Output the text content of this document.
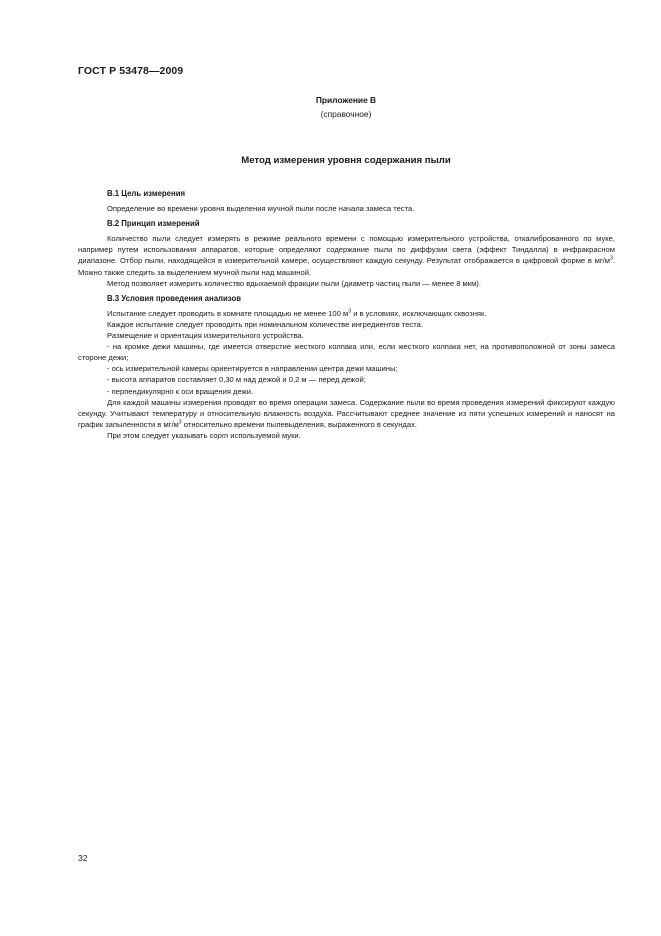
ГОСТ Р 53478—2009
Приложение В
(справочное)
Метод измерения уровня содержания пыли
В.1 Цель измерения

Определение во времени уровня выделения мучной пыли после начала замеса теста.

В.2 Принцип измерений

Количество пыли следует измерять в режиме реального времени с помощью измерительного устройства, откалиброванного по муке, например путем использования аппаратов, которые определяют содержание пыли по диффузии света (эффект Тиндалла) в инфракрасном диапазоне. Отбор пыли, находящейся в измерительной камере, осуществляют каждую секунду. Результат отображается в цифровой форме в $мг/м^3$. Можно также следить за выделением мучной пыли над машиной.

Метод позволяет измерить количество вдыхаемой фракции пыли (диаметр частиц пыли — менее 8 мкм).

В.3 Условия проведения анализов

Испытание следует проводить в комнате площадью не менее 100 $м^3$ и в условиях, исключающих сквозняк.

Каждое испытание следует проводить при номинальном количестве ингредиентов теста.

Размещение и ориентация измерительного устройства.

- на кромке дежи машины, где имеется отверстие жесткого колпака или, если жесткого колпака нет, на противоположной от зоны замеса стороне дежи;

- ось измерительной камеры ориентируется в направлении центра дежи машины;

- высота аппаратов составляет 0,30 м над дежой и 0,2 м — перед дежой;

- перпендикулярно к оси вращения дежи.

Для каждой машины измерения проводят во время операции замеса. Содержание пыли во время проведения измерений фиксируют каждую секунду. Учитывают температуру и относительную влажность воздуха. Рассчитывают среднее значение из пяти успешных измерений и наносят на график запыленности в $мг/м^3$ относительно времени пылевыделения, выраженного в секундах.

При этом следует указывать сорт используемой муки.

32
